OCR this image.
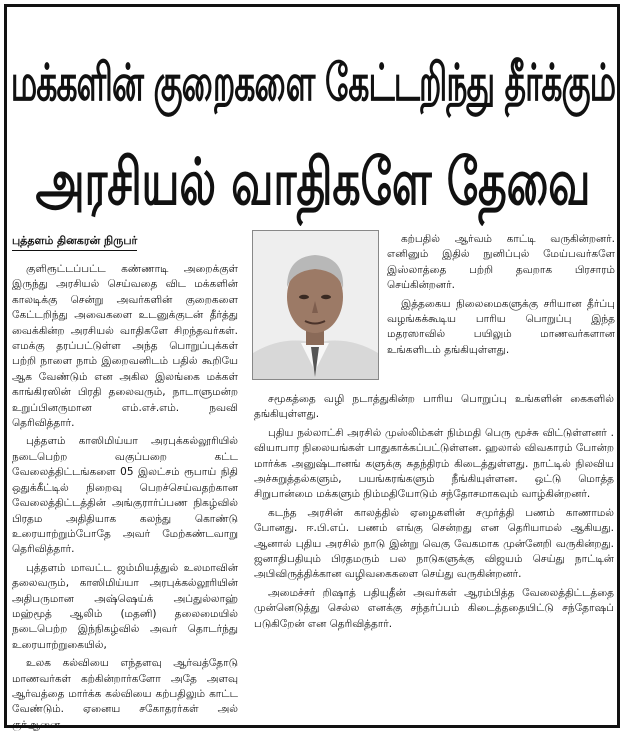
மக்களின் குறைகளை கேட்டறிந்து தீர்க்கும்
அரசியல் வாதிகளே தேவை
புத்தளம் தினகரன் நிருபர்

குளிரூட்டப்பட்ட கண்ணாடி அறைக்குள் இருந்து அரசியல் செய்வதை விட மக்களின் காலடிக்கு சென்று அவர்களின் குறைகளை கேட்டறிந்து அவைகளை உடனுக்குடன் தீர்த்து வைக்கின்ற அரசியல் வாதிகளே சிறந்தவர்கள். எமக்கு தரப்பட்டுள்ள அந்த பொறுப்புக்கள் பற்றி நாளை நாம் இறைவனிடம் பதில் கூறியே ஆக வேண்டும் என அகில இலங்கை மக்கள் காங்கிரஸின் பிரதி தலைவரும், நாடாளுமன்ற உறுப்பினருமான எம்.எச்.எம். நவவி தெரிவித்தார்.

புத்தளம் காஸிமிய்யா அரபுக்கல்லூரியில் நடைபெற்ற வகுப்பறை கட்ட வேலைத்திட்டங்களை 05 இலட்சம் ரூபாய் நிதி ஒதுக்கீட்டில் நிறைவு பெறச்செய்வதற்கான வேலைத்திட்டத்தின் அங்குரார்ப்பண நிகழ்வில் பிரதம அதிதியாக கலந்து கொண்டு உரையாற்றும்போதே அவர் மேற்கண்டவாறு தெரிவித்தார்.

புத்தளம் மாவட்ட ஜம்மியத்துல் உலமாவின் தலைவரும், காஸிமிய்யா அரபுக்கல்லூரியின் அதிபருமான அஷ்ஷெய்க் அப்துல்லாஹ் மஹ்மூத் ஆலிம் (மதனி) தலைமையில் நடைபெற்ற இந்நிகழ்வில் அவர் தொடர்ந்து உரையாற்றுகையில்,

உலக கல்வியை எந்தளவு ஆர்வத்தோடு மாணவர்கள் கற்கின்றார்களோ அதே அளவு ஆர்வத்தை மார்க்க கல்வியை கற்பதிலும் காட்ட வேண்டும். ஏனைய சகோதரர்கள் அல் குர்ஆனை

கற்பதில் ஆர்வம் காட்டி வருகின்றனர். எனினும் இதில் நுனிப்புல் மேய்பவர்களே இஸ்லாத்தை பற்றி தவறாக பிரசாரம் செய்கின்றனர்.

இத்தகைய நிலைமைகளுக்கு சரியான தீர்ப்பு வழங்கக்கூடிய பாரிய பொறுப்பு இந்த மதரஸாவில் பயிலும் மாணவர்களான உங்களிடம் தங்கியுள்ளது.

சமூகத்தை வழி நடாத்துகின்ற பாரிய பொறுப்பு உங்களின் கைகளில் தங்கியுள்ளது.

புதிய நல்லாட்சி அரசில் முஸ்லிம்கள் நிம்மதி பெரு மூச்சு விட்டுள்ளனர் . வியாபார நிலையங்கள் பாதுகாக்கப்பட்டுள்ளன. ஹலால் விவகாரம் போன்ற மார்க்க அனுஷ்டானங் களுக்கு சுதந்திரம் கிடைத்துள்ளது. நாட்டில் நிலவிய அச்சுறுத்தல்களும், பயங்கரங்களும் நீங்கியுள்ளன. ஒட்டு மொத்த சிறுபான்மை மக்களும் நிம்மதியோடும் சந்தோசமாகவும் வாழ்கின்றனர்.

கடந்த அரசின் காலத்தில் ஏழைகளின் சமுர்த்தி பணம் காணாமல் போனது. ஈ.பி.எப். பணம் எங்கு சென்றது என தெரியாமல் ஆகியது. ஆனால் புதிய அரசில் நாடு இன்று வெகு வேகமாக முன்னேறி வருகின்றது. ஜனாதிபதியும் பிரதமரும் பல நாடுகளுக்கு விஜயம் செய்து நாட்டின் அபிவிருத்திக்கான வழிவகைகளை செய்து வருகின்றனர்.

அமைச்சர் றிஷாத் பதியுதீன் அவர்கள் ஆரம்பித்த வேலைத்திட்டத்தை முன்னெடுத்து செல்ல எனக்கு சந்தர்ப்பம் கிடைத்ததையிட்டு சந்தோஷப் படுகிறேன் என தெரிவித்தார்.
